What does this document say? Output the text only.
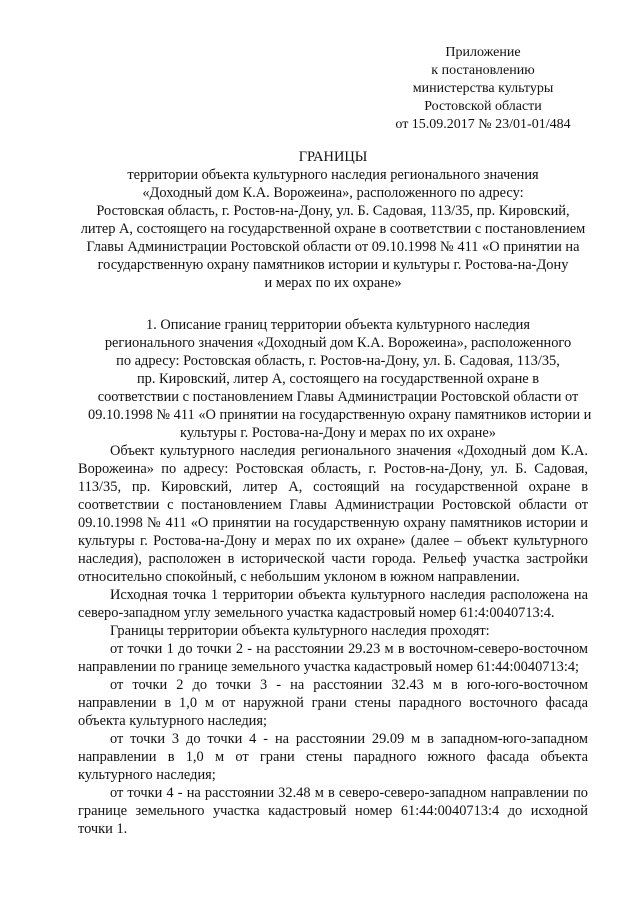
Приложение
к постановлению
министерства культуры
Ростовской области
от 15.09.2017 № 23/01-01/484
ГРАНИЦЫ
территории объекта культурного наследия регионального значения
«Доходный дом К.А. Ворожеина», расположенного по адресу:
Ростовская область, г. Ростов-на-Дону, ул. Б. Садовая, 113/35, пр. Кировский,
литер А, состоящего на государственной охране в соответствии с постановлением
Главы Администрации Ростовской области от 09.10.1998 № 411 «О принятии на
государственную охрану памятников истории и культуры г. Ростова-на-Дону
и мерах по их охране»
1. Описание границ территории объекта культурного наследия
регионального значения «Доходный дом К.А. Ворожеина», расположенного
по адресу: Ростовская область, г. Ростов-на-Дону, ул. Б. Садовая, 113/35,
пр. Кировский, литер А, состоящего на государственной охране в
соответствии с постановлением Главы Администрации Ростовской области от
09.10.1998 № 411 «О принятии на государственную охрану памятников истории и
культуры г. Ростова-на-Дону и мерах по их охране»

Объект культурного наследия регионального значения «Доходный дом К.А. Ворожеина» по адресу: Ростовская область, г. Ростов-на-Дону, ул. Б. Садовая, 113/35, пр. Кировский, литер А, состоящий на государственной охране в соответствии с постановлением Главы Администрации Ростовской области от 09.10.1998 № 411 «О принятии на государственную охрану памятников истории и культуры г. Ростова-на-Дону и мерах по их охране» (далее – объект культурного наследия), расположен в исторической части города. Рельеф участка застройки относительно спокойный, с небольшим уклоном в южном направлении.

Исходная точка 1 территории объекта культурного наследия расположена на северо-западном углу земельного участка кадастровый номер 61:4:0040713:4.

Границы территории объекта культурного наследия проходят:

от точки 1 до точки 2 - на расстоянии 29.23 м в восточном-северо-восточном направлении по границе земельного участка кадастровый номер 61:44:0040713:4;

от точки 2 до точки 3 - на расстоянии 32.43 м в юго-юго-восточном направлении в 1,0 м от наружной грани стены парадного восточного фасада объекта культурного наследия;

от точки 3 до точки 4 - на расстоянии 29.09 м в западном-юго-западном направлении в 1,0 м от грани стены парадного южного фасада объекта культурного наследия;

от точки 4 - на расстоянии 32.48 м в северо-северо-западном направлении по границе земельного участка кадастровый номер 61:44:0040713:4 до исходной точки 1.
